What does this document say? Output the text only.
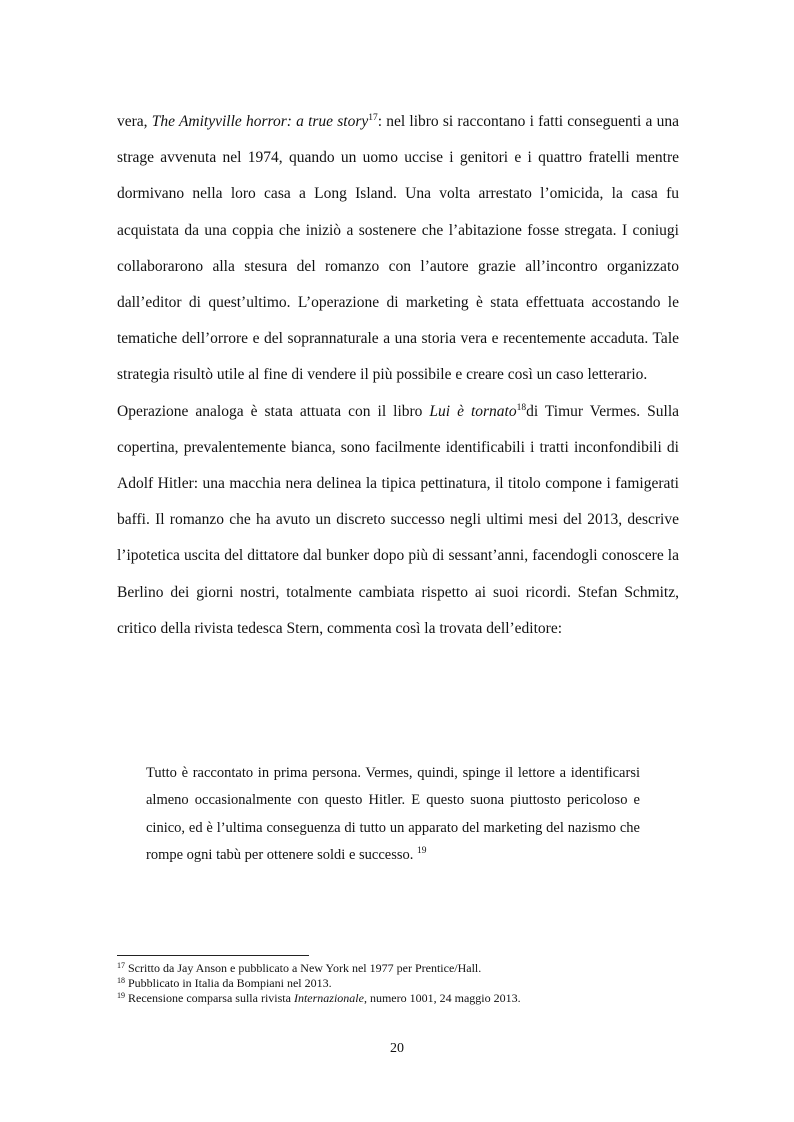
vera, The Amityville horror: a true story$^{17}$: nel libro si raccontano i fatti conseguenti a una strage avvenuta nel 1974, quando un uomo uccise i genitori e i quattro fratelli mentre dormivano nella loro casa a Long Island. Una volta arrestato l’omicida, la casa fu acquistata da una coppia che iniziò a sostenere che l’abitazione fosse stregata. I coniugi collaborarono alla stesura del romanzo con l’autore grazie all’incontro organizzato dall’editor di quest’ultimo. L’operazione di marketing è stata effettuata accostando le tematiche dell’orrore e del soprannaturale a una storia vera e recentemente accaduta. Tale strategia risultò utile al fine di vendere il più possibile e creare così un caso letterario.

Operazione analoga è stata attuata con il libro Lui è tornato$^{18}$di Timur Vermes. Sulla copertina, prevalentemente bianca, sono facilmente identificabili i tratti inconfondibili di Adolf Hitler: una macchia nera delinea la tipica pettinatura, il titolo compone i famigerati baffi. Il romanzo che ha avuto un discreto successo negli ultimi mesi del 2013, descrive l’ipotetica uscita del dittatore dal bunker dopo più di sessant’anni, facendogli conoscere la Berlino dei giorni nostri, totalmente cambiata rispetto ai suoi ricordi. Stefan Schmitz, critico della rivista tedesca Stern, commenta così la trovata dell’editore:

Tutto è raccontato in prima persona. Vermes, quindi, spinge il lettore a identificarsi almeno occasionalmente con questo Hitler. E questo suona piuttosto pericoloso e cinico, ed è l’ultima conseguenza di tutto un apparato del marketing del nazismo che rompe ogni tabù per ottenere soldi e successo. $^{19}$

$^{17}$ Scritto da Jay Anson e pubblicato a New York nel 1977 per Prentice/Hall.

$^{18}$ Pubblicato in Italia da Bompiani nel 2013.

$^{19}$ Recensione comparsa sulla rivista Internazionale, numero 1001, 24 maggio 2013.

20
